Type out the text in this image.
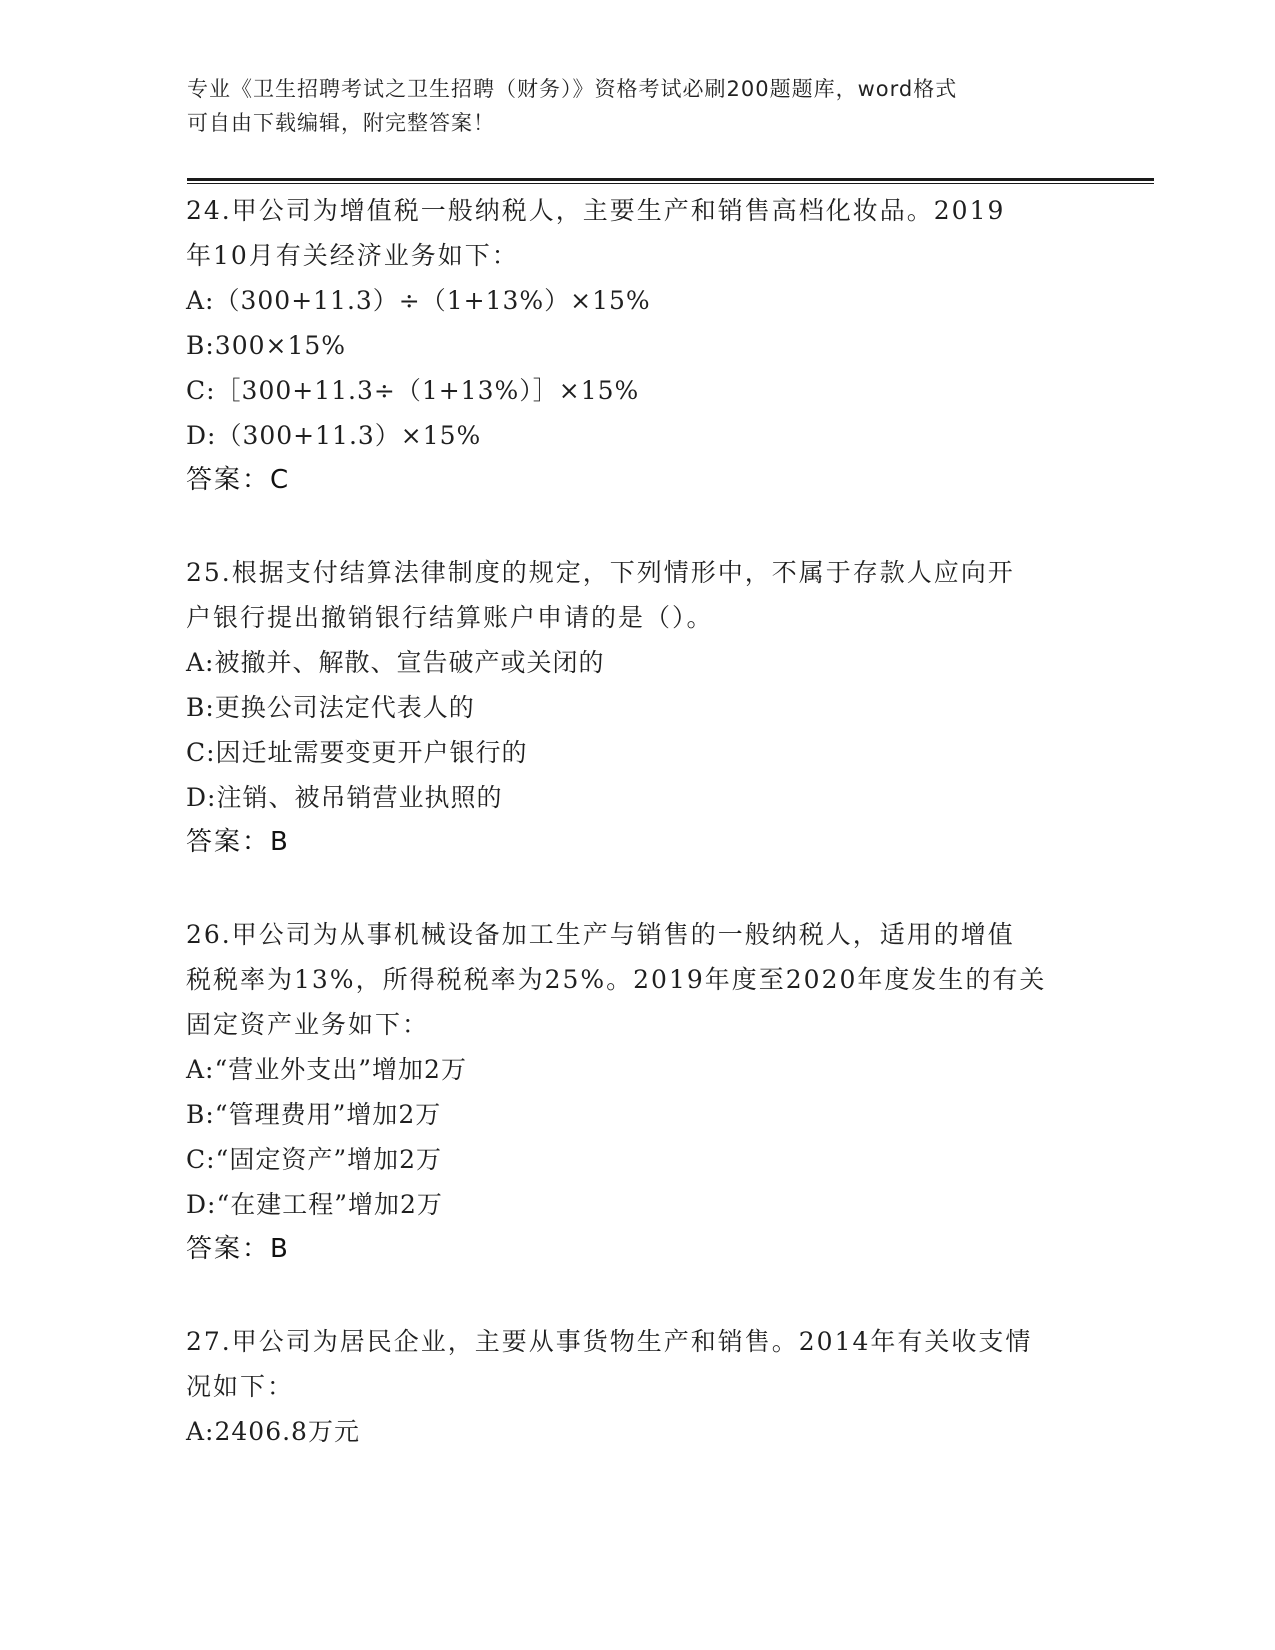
专业《卫生招聘考试之卫生招聘（财务）》资格考试必刷200题题库，word格式
可自由下载编辑，附完整答案！
24.甲公司为增值税一般纳税人，主要生产和销售高档化妆品。2019
年10月有关经济业务如下：
A:（300+11.3）÷（1+13%）×15%
B:300×15%
C:［300+11.3÷（1+13%）］×15%
D:（300+11.3）×15%
答案：C
25.根据支付结算法律制度的规定，下列情形中，不属于存款人应向开
户银行提出撤销银行结算账户申请的是（）。
A:被撤并、解散、宣告破产或关闭的
B:更换公司法定代表人的
C:因迁址需要变更开户银行的
D:注销、被吊销营业执照的
答案：B
26.甲公司为从事机械设备加工生产与销售的一般纳税人，适用的增值
税税率为13%，所得税税率为25%。2019年度至2020年度发生的有关
固定资产业务如下：
A:“营业外支出”增加2万
B:“管理费用”增加2万
C:“固定资产”增加2万
D:“在建工程”增加2万
答案：B
27.甲公司为居民企业，主要从事货物生产和销售。2014年有关收支情
况如下：
A:2406.8万元
